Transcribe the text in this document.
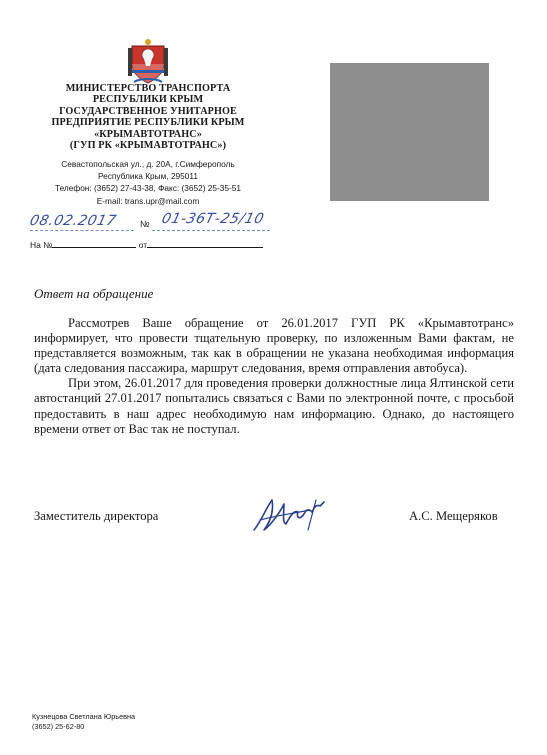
МИНИСТЕРСТВО ТРАНСПОРТА
РЕСПУБЛИКИ КРЫМ
ГОСУДАРСТВЕННОЕ УНИТАРНОЕ
ПРЕДПРИЯТИЕ РЕСПУБЛИКИ КРЫМ
«КРЫМАВТОТРАНС»
(ГУП РК «КРЫМАВТОТРАНС»)
Севастопольская ул., д. 20А, г.Симферополь
Республика Крым, 295011
Телефон: (3652) 27-43-38, Факс: (3652) 25-35-51
E-mail: trans.upr@mail.com
08.02.2017 № 01-36Т-25/10
На №	от
Ответ на обращение

Рассмотрев Ваше обращение от 26.01.2017 ГУП РК «Крымавтотранс» информирует, что провести тщательную проверку, по изложенным Вами фактам, не представляется возможным, так как в обращении не указана необходимая информация (дата следования пассажира, маршрут следования, время отправления автобуса).

При этом, 26.01.2017 для проведения проверки должностные лица Ялтинской сети автостанций 27.01.2017 попытались связаться с Вами по электронной почте, с просьбой предоставить в наш адрес необходимую нам информацию. Однако, до настоящего времени ответ от Вас так не поступал.

Заместитель директора	А.С. Мещеряков
Кузнецова Светлана Юрьевна
(3652) 25-62-80
